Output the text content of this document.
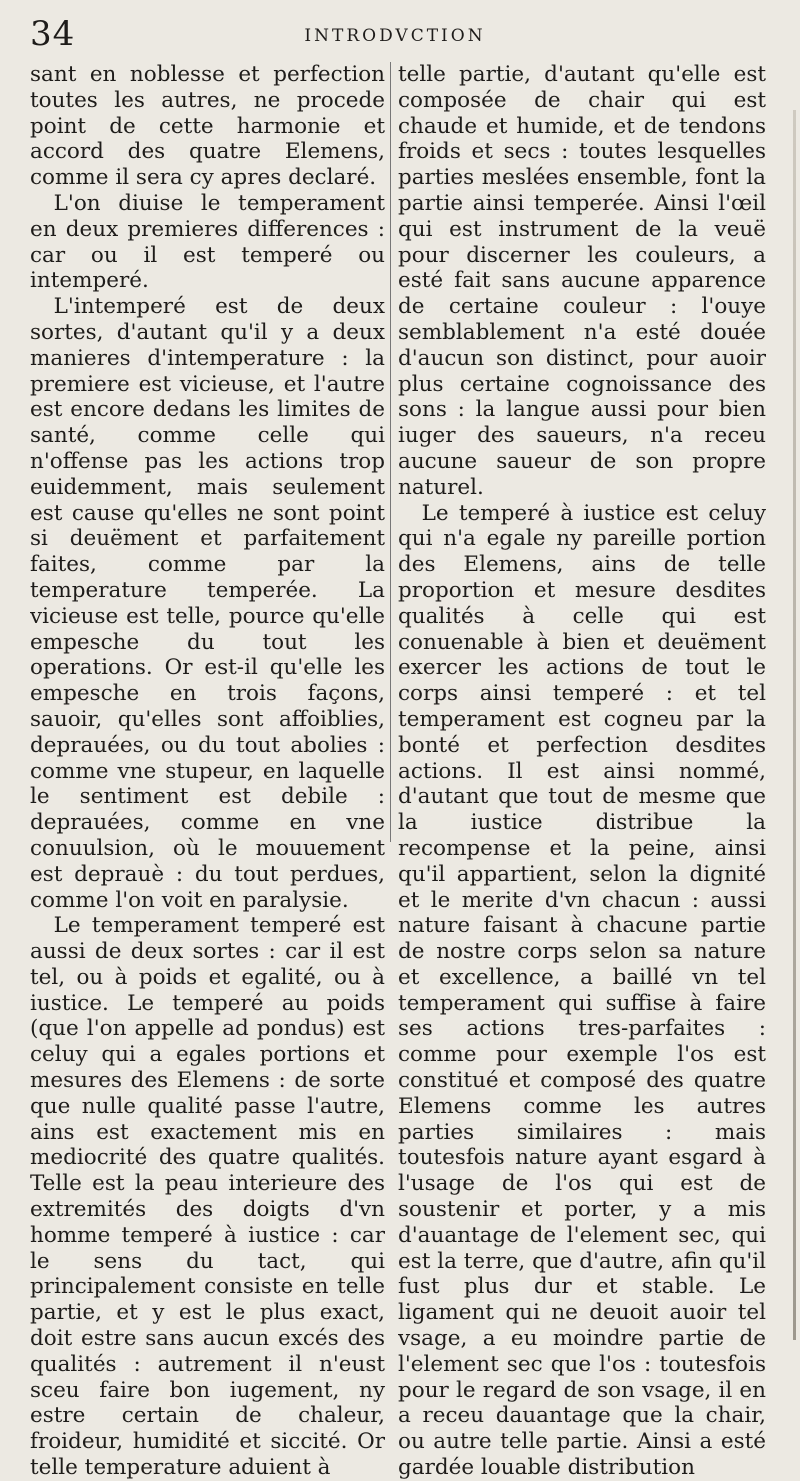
34	INTRODVCTION

sant en noblesse et perfection toutes les autres, ne procede point de cette harmonie et accord des quatre Elemens, comme il sera cy apres declaré.

L'on diuise le temperament en deux premieres differences : car ou il est temperé ou intemperé.

L'intemperé est de deux sortes, d'autant qu'il y a deux manieres d'intemperature : la premiere est vicieuse, et l'autre est encore dedans les limites de santé, comme celle qui n'offense pas les actions trop euidemment, mais seulement est cause qu'elles ne sont point si deuëment et parfaitement faites, comme par la temperature temperée. La vicieuse est telle, pource qu'elle empesche du tout les operations. Or est-il qu'elle les empesche en trois façons, sauoir, qu'elles sont affoiblies, deprauées, ou du tout abolies : comme vne stupeur, en laquelle le sentiment est debile : deprauées, comme en vne conuulsion, où le mouuement est deprauè : du tout perdues, comme l'on voit en paralysie.

Le temperament temperé est aussi de deux sortes : car il est tel, ou à poids et egalité, ou à iustice. Le temperé au poids (que l'on appelle ad pondus) est celuy qui a egales portions et mesures des Elemens : de sorte que nulle qualité passe l'autre, ains est exactement mis en mediocrité des quatre qualités. Telle est la peau interieure des extremités des doigts d'vn homme temperé à iustice : car le sens du tact, qui principalement consiste en telle partie, et y est le plus exact, doit estre sans aucun excés des qualités : autrement il n'eust sceu faire bon iugement, ny estre certain de chaleur, froideur, humidité et siccité. Or telle temperature aduient à

telle partie, d'autant qu'elle est composée de chair qui est chaude et humide, et de tendons froids et secs : toutes lesquelles parties meslées ensemble, font la partie ainsi temperée. Ainsi l'œil qui est instrument de la veuë pour discerner les couleurs, a esté fait sans aucune apparence de certaine couleur : l'ouye semblablement n'a esté douée d'aucun son distinct, pour auoir plus certaine cognoissance des sons : la langue aussi pour bien iuger des saueurs, n'a receu aucune saueur de son propre naturel.

Le temperé à iustice est celuy qui n'a egale ny pareille portion des Elemens, ains de telle proportion et mesure desdites qualités à celle qui est conuenable à bien et deuëment exercer les actions de tout le corps ainsi temperé : et tel temperament est cogneu par la bonté et perfection desdites actions. Il est ainsi nommé, d'autant que tout de mesme que la iustice distribue la recompense et la peine, ainsi qu'il appartient, selon la dignité et le merite d'vn chacun : aussi nature faisant à chacune partie de nostre corps selon sa nature et excellence, a baillé vn tel temperament qui suffise à faire ses actions tres-parfaites : comme pour exemple l'os est constitué et composé des quatre Elemens comme les autres parties similaires : mais toutesfois nature ayant esgard à l'usage de l'os qui est de soustenir et porter, y a mis d'auantage de l'element sec, qui est la terre, que d'autre, afin qu'il fust plus dur et stable. Le ligament qui ne deuoit auoir tel vsage, a eu moindre partie de l'element sec que l'os : toutesfois pour le regard de son vsage, il en a receu dauantage que la chair, ou autre telle partie. Ainsi a esté gardée louable distribution
